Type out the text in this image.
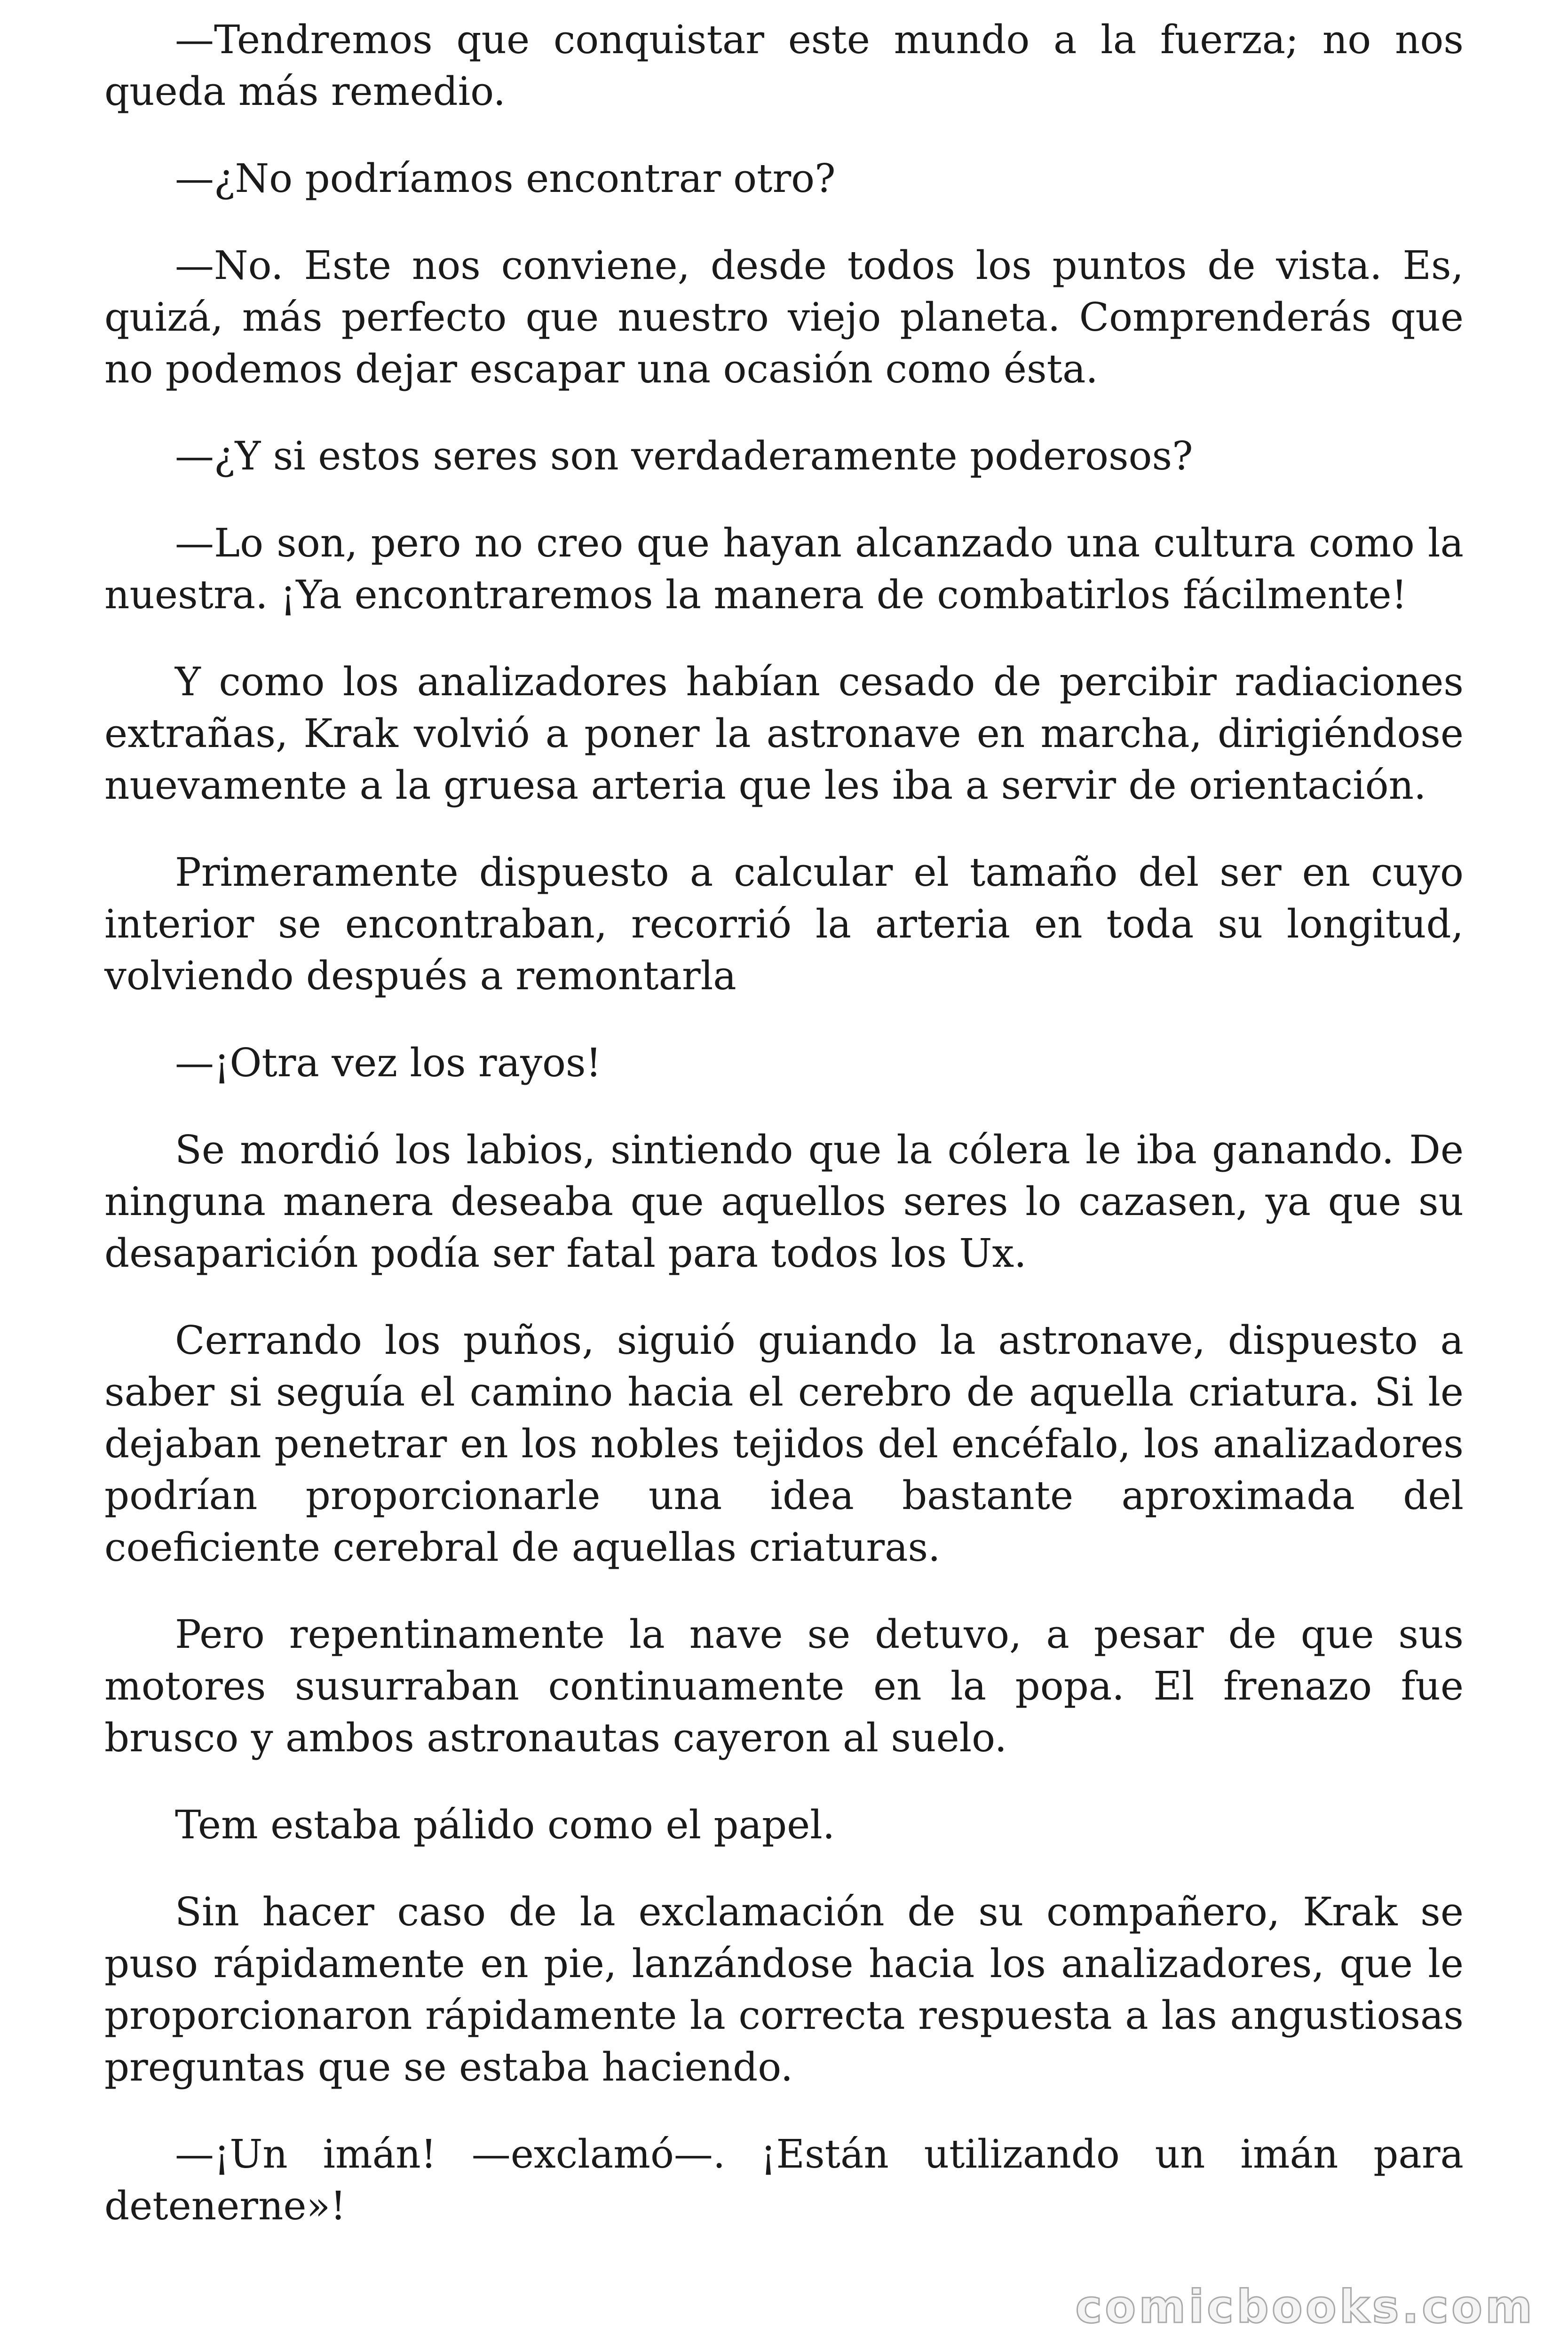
—Tendremos que conquistar este mundo a la fuerza; no nos queda más remedio.

—¿No podríamos encontrar otro?

—No. Este nos conviene, desde todos los puntos de vista. Es, quizá, más perfecto que nuestro viejo planeta. Comprenderás que no podemos dejar escapar una ocasión como ésta.

—¿Y si estos seres son verdaderamente poderosos?

—Lo son, pero no creo que hayan alcanzado una cultura como la nuestra. ¡Ya encontraremos la manera de combatirlos fácilmente!

Y como los analizadores habían cesado de percibir radiaciones extrañas, Krak volvió a poner la astronave en marcha, dirigiéndose nuevamente a la gruesa arteria que les iba a servir de orientación.

Primeramente dispuesto a calcular el tamaño del ser en cuyo interior se encontraban, recorrió la arteria en toda su longitud, volviendo después a remontarla

—¡Otra vez los rayos!

Se mordió los labios, sintiendo que la cólera le iba ganando. De ninguna manera deseaba que aquellos seres lo cazasen, ya que su desaparición podía ser fatal para todos los Ux.

Cerrando los puños, siguió guiando la astronave, dispuesto a saber si seguía el camino hacia el cerebro de aquella criatura. Si le dejaban penetrar en los nobles tejidos del encéfalo, los analizadores podrían proporcionarle una idea bastante aproximada del coeficiente cerebral de aquellas criaturas.

Pero repentinamente la nave se detuvo, a pesar de que sus motores susurraban continuamente en la popa. El frenazo fue brusco y ambos astronautas cayeron al suelo.

Tem estaba pálido como el papel.

Sin hacer caso de la exclamación de su compañero, Krak se puso rápidamente en pie, lanzándose hacia los analizadores, que le proporcionaron rápidamente la correcta respuesta a las angustiosas preguntas que se estaba haciendo.

—¡Un imán! —exclamó—. ¡Están utilizando un imán para detenerne»!

comicbooks.com
